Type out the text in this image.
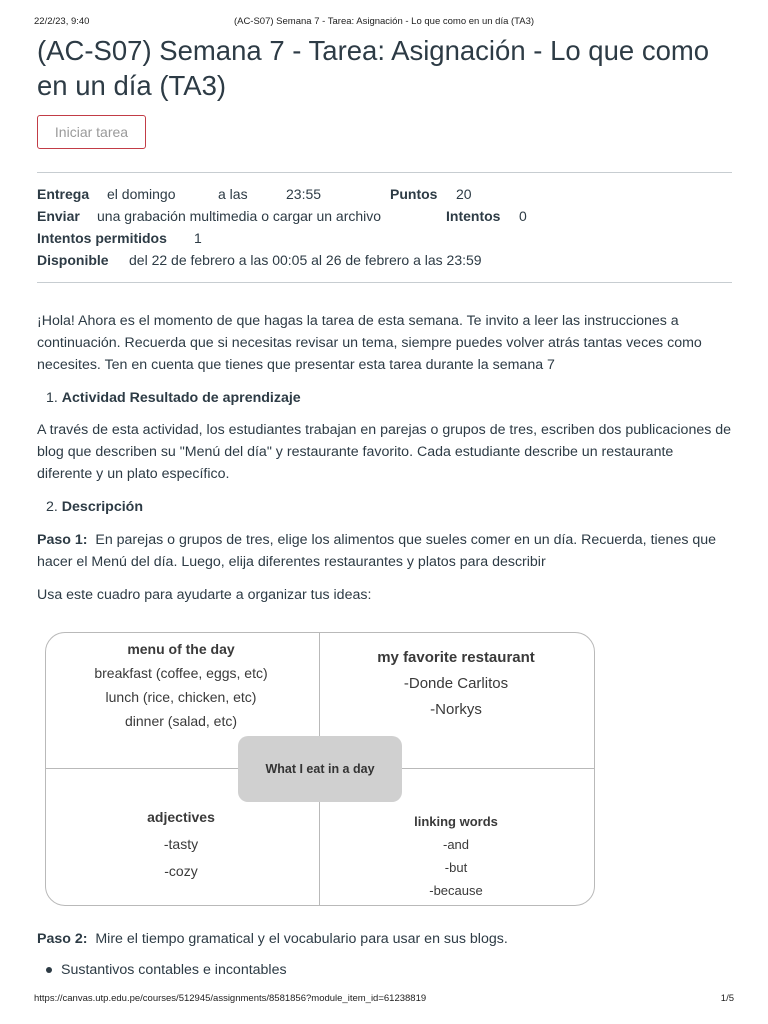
22/2/23, 9:40	(AC-S07) Semana 7 - Tarea: Asignación - Lo que como en un día (TA3)
(AC-S07) Semana 7 - Tarea: Asignación - Lo que como en un día (TA3)
Iniciar tarea
Entrega el domingo	a las	23:55	Puntos 20
Enviar una grabación multimedia o cargar un archivo	Intentos 0
Intentos permitidos 1
Disponible del 22 de febrero a las 00:05 al 26 de febrero a las 23:59
¡Hola! Ahora es el momento de que hagas la tarea de esta semana. Te invito a leer las instrucciones a continuación. Recuerda que si necesitas revisar un tema, siempre puedes volver atrás tantas veces como necesites. Ten en cuenta que tienes que presentar esta tarea durante la semana 7
1. Actividad Resultado de aprendizaje
A través de esta actividad, los estudiantes trabajan en parejas o grupos de tres, escriben dos publicaciones de blog que describen su "Menú del día" y restaurante favorito. Cada estudiante describe un restaurante diferente y un plato específico.
2. Descripción
Paso 1: En parejas o grupos de tres, elige los alimentos que sueles comer en un día. Recuerda, tienes que hacer el Menú del día. Luego, elija diferentes restaurantes y platos para describir
Usa este cuadro para ayudarte a organizar tus ideas:
menu of the day
breakfast (coffee, eggs, etc)
lunch (rice, chicken, etc)
dinner (salad, etc)
my favorite restaurant
-Donde Carlitos
-Norkys
adjectives
-tasty
-cozy
linking words
-and
-but
-because
What I eat in a day
Paso 2: Mire el tiempo gramatical y el vocabulario para usar en sus blogs.
Sustantivos contables e incontables
https://canvas.utp.edu.pe/courses/512945/assignments/8581856?module_item_id=61238819	1/5
